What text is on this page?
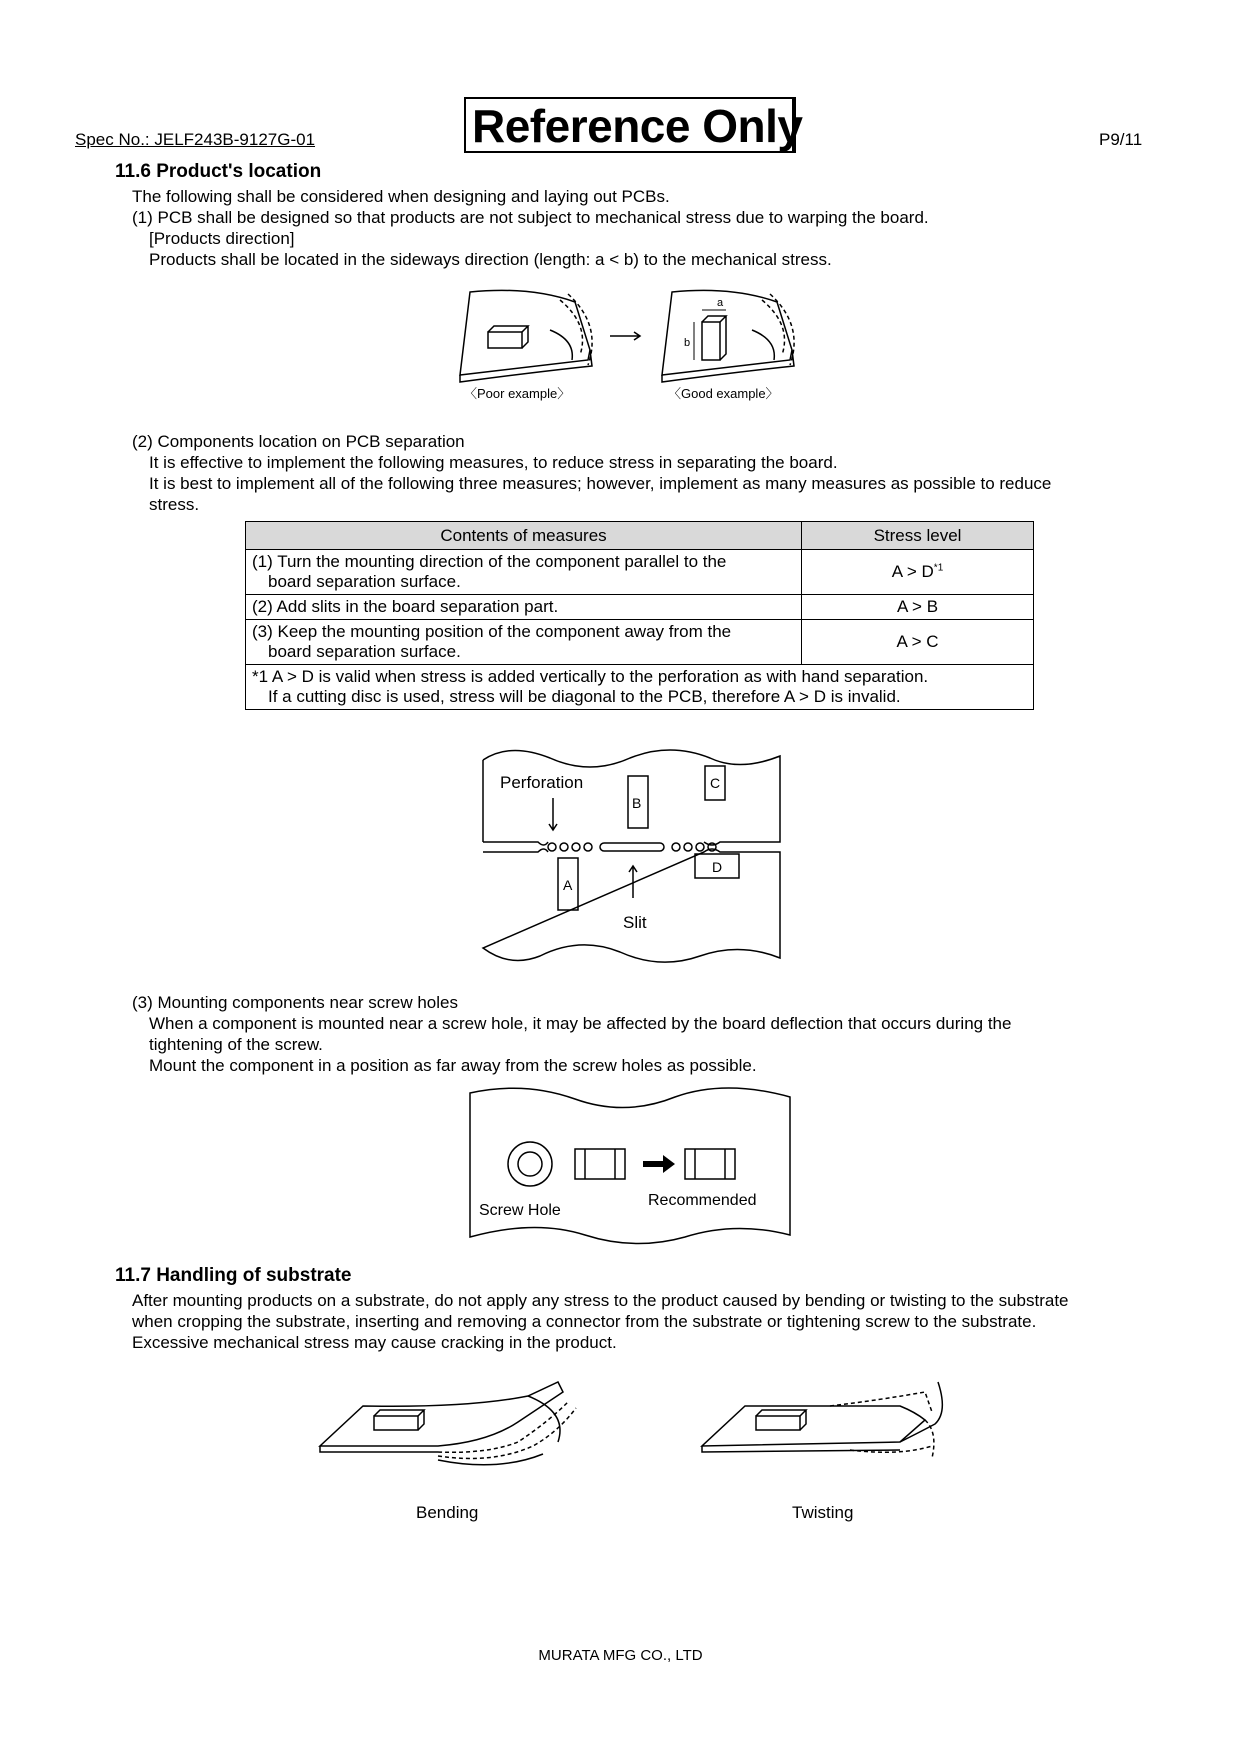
Spec No.: JELF243B-9127G-01	Reference Only	P9/11
11.6 Product's location
The following shall be considered when designing and laying out PCBs.
(1) PCB shall be designed so that products are not subject to mechanical stress due to warping the board.
[Products direction]
Products shall be located in the sideways direction (length: a < b) to the mechanical stress.
a
b
〈Poor example〉	〈Good example〉
(2) Components location on PCB separation
It is effective to implement the following measures, to reduce stress in separating the board.
It is best to implement all of the following three measures; however, implement as many measures as possible to reduce
stress.
Contents of measures	Stress level
(1) Turn the mounting direction of the component parallel to the
board separation surface.	$A > D^{*1}$
(2) Add slits in the board separation part.	A > B
(3) Keep the mounting position of the component away from the
board separation surface.	A > C
*1 A > D is valid when stress is added vertically to the perforation as with hand separation.
If a cutting disc is used, stress will be diagonal to the PCB, therefore A > D is invalid.	
Perforation
Slit
B
C
A
D
(3) Mounting components near screw holes
When a component is mounted near a screw hole, it may be affected by the board deflection that occurs during the
tightening of the screw.
Mount the component in a position as far away from the screw holes as possible.
Screw Hole
Recommended
11.7 Handling of substrate
After mounting products on a substrate, do not apply any stress to the product caused by bending or twisting to the substrate
when cropping the substrate, inserting and removing a connector from the substrate or tightening screw to the substrate.
Excessive mechanical stress may cause cracking in the product.
Bending	Twisting
MURATA MFG CO., LTD
